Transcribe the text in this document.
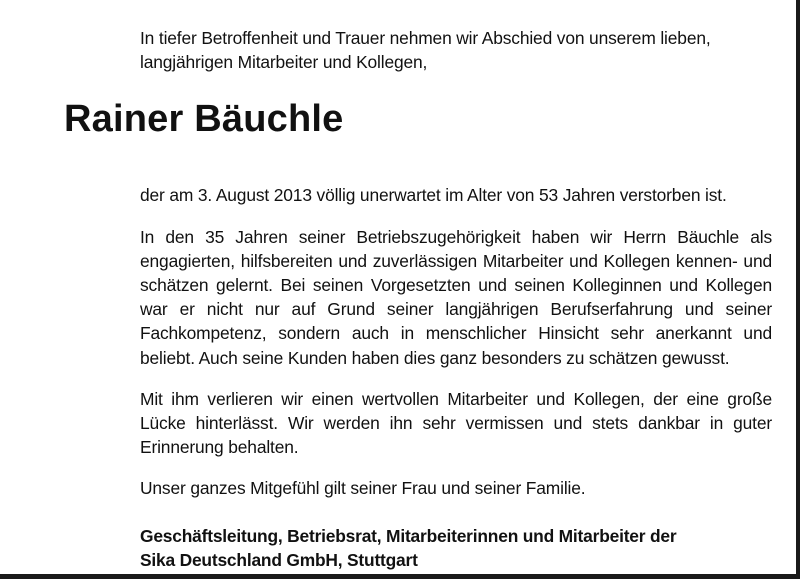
Rainer Bäuchle

In tiefer Betroffenheit und Trauer nehmen wir Abschied von unserem lieben, langjährigen Mitarbeiter und Kollegen,

der am 3. August 2013 völlig unerwartet im Alter von 53 Jahren verstorben ist.

In den 35 Jahren seiner Betriebszugehörigkeit haben wir Herrn Bäuchle als engagierten, hilfsbereiten und zuverlässigen Mitarbeiter und Kollegen kennen- und schätzen gelernt. Bei seinen Vorgesetzten und seinen Kolleginnen und Kollegen war er nicht nur auf Grund seiner langjährigen Berufserfahrung und seiner Fachkompetenz, sondern auch in menschlicher Hinsicht sehr anerkannt und beliebt. Auch seine Kunden haben dies ganz besonders zu schätzen gewusst.

Mit ihm verlieren wir einen wertvollen Mitarbeiter und Kollegen, der eine große Lücke hinterlässt. Wir werden ihn sehr vermissen und stets dankbar in guter Erinnerung behalten.

Unser ganzes Mitgefühl gilt seiner Frau und seiner Familie.

Geschäftsleitung, Betriebsrat, Mitarbeiterinnen und Mitarbeiter der
Sika Deutschland GmbH, Stuttgart
